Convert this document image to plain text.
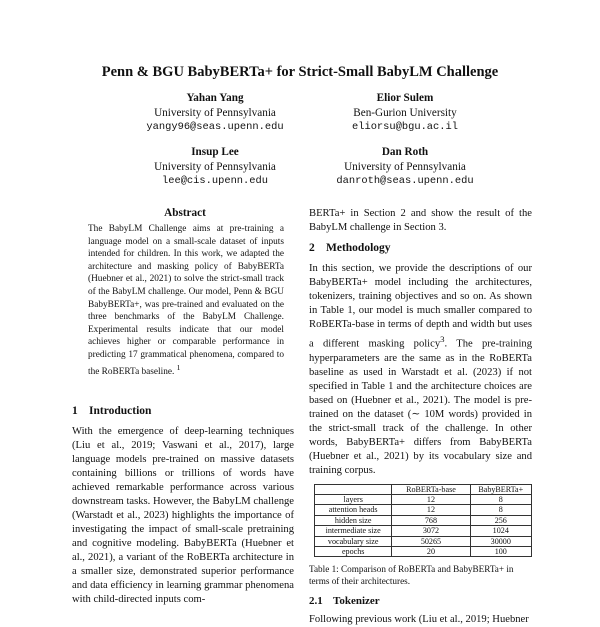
Penn & BGU BabyBERTa+ for Strict-Small BabyLM Challenge
Yahan Yang
University of Pennsylvania
yangy96@seas.upenn.edu
Elior Sulem
Ben-Gurion University
eliorsu@bgu.ac.il
Insup Lee
University of Pennsylvania
lee@cis.upenn.edu
Dan Roth
University of Pennsylvania
danroth@seas.upenn.edu
Abstract

The BabyLM Challenge aims at pre-training a language model on a small-scale dataset of inputs intended for children. In this work, we adapted the architecture and masking policy of BabyBERTa (Huebner et al., 2021) to solve the strict-small track of the BabyLM challenge. Our model, Penn & BGU BabyBERTa+, was pre-trained and evaluated on the three benchmarks of the BabyLM Challenge. Experimental results indicate that our model achieves higher or comparable performance in predicting 17 grammatical phenomena, compared to the RoBERTa baseline. $^1$

1 Introduction

With the emergence of deep-learning techniques (Liu et al., 2019; Vaswani et al., 2017), large language models pre-trained on massive datasets containing billions or trillions of words have achieved remarkable performance across various downstream tasks. However, the BabyLM challenge (Warstadt et al., 2023) highlights the importance of investigating the impact of small-scale pretraining and cognitive modeling. BabyBERTa (Huebner et al., 2021), a variant of the RoBERTa architecture in a smaller size, demonstrated superior performance and data efficiency in learning grammar phenomena with child-directed inputs com-

BERTa+ in Section 2 and show the result of the BabyLM challenge in Section 3.

2 Methodology

In this section, we provide the descriptions of our BabyBERTa+ model including the architectures, tokenizers, training objectives and so on. As shown in Table 1, our model is much smaller compared to RoBERTa-base in terms of depth and width but uses a different masking policy$^3$. The pre-training hyperparameters are the same as in the RoBERTa baseline as used in Warstadt et al. (2023) if not specified in Table 1 and the architecture choices are based on (Huebner et al., 2021). The model is pre-trained on the dataset (∼ 10M words) provided in the strict-small track of the challenge. In other words, BabyBERTa+ differs from BabyBERTa (Huebner et al., 2021) by its vocabulary size and training corpus.

	RoBERTa-base	BabyBERTa+
layers	12	8
attention heads	12	8
hidden size	768	256
intermediate size	3072	1024
vocabulary size	50265	30000
epochs	20	100

Table 1: Comparison of RoBERTa and BabyBERTa+ in terms of their architectures.

2.1 Tokenizer

Following previous work (Liu et al., 2019; Huebner
